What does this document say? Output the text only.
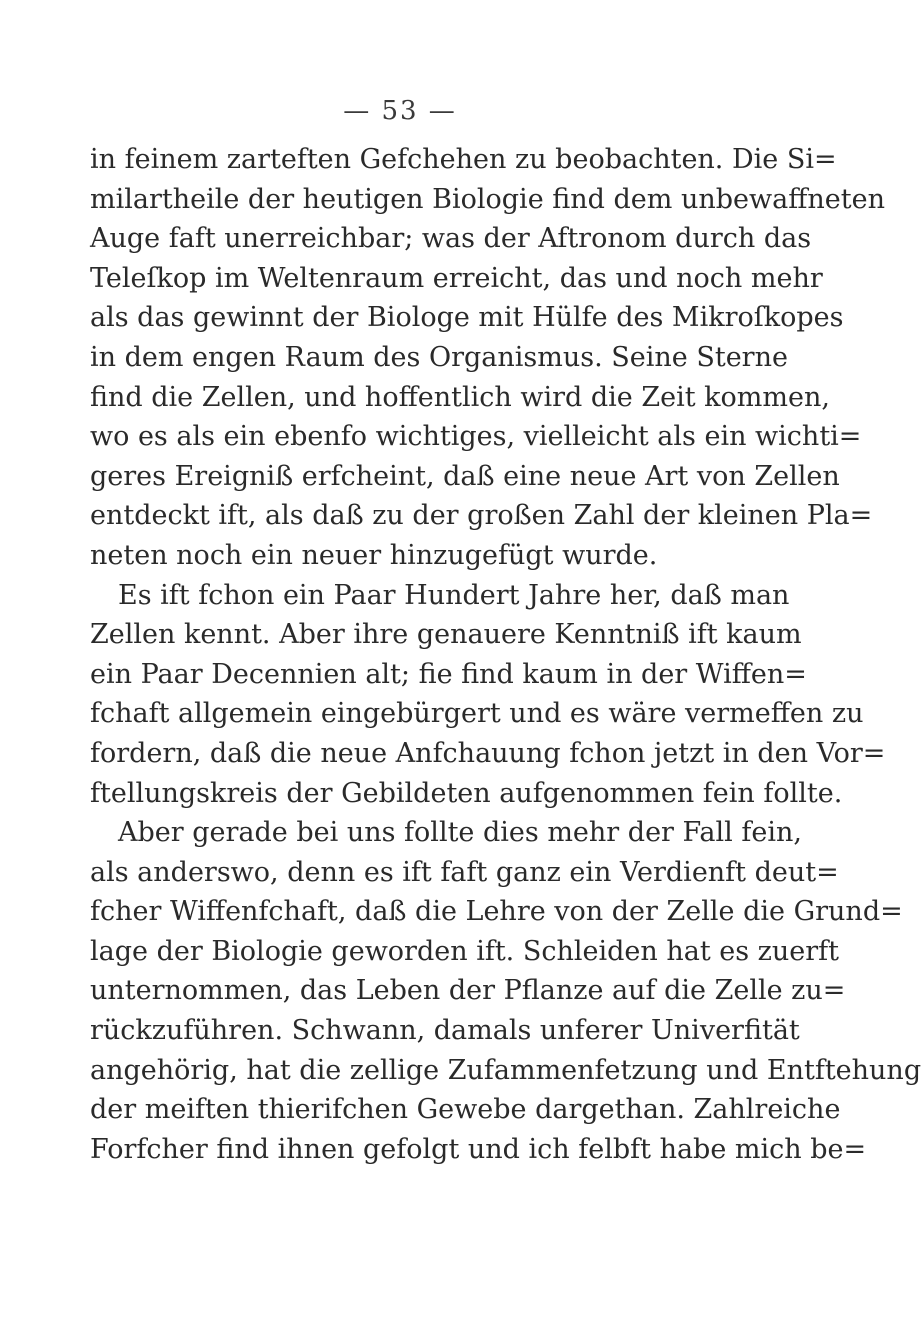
— 53 —
in feinem zarteften Gefchehen zu beobachten. Die Si=
milartheile der heutigen Biologie find dem unbewaffneten
Auge faft unerreichbar; was der Aftronom durch das
Teleſkop im Weltenraum erreicht, das und noch mehr
als das gewinnt der Biologe mit Hülfe des Mikroſkopes
in dem engen Raum des Organismus. Seine Sterne
find die Zellen, und hoffentlich wird die Zeit kommen,
wo es als ein ebenfo wichtiges, vielleicht als ein wichti=
geres Ereigniß erfcheint, daß eine neue Art von Zellen
entdeckt ift, als daß zu der großen Zahl der kleinen Pla=
neten noch ein neuer hinzugefügt wurde.
Es ift fchon ein Paar Hundert Jahre her, daß man
Zellen kennt. Aber ihre genauere Kenntniß ift kaum
ein Paar Decennien alt; fie find kaum in der Wiffen=
fchaft allgemein eingebürgert und es wäre vermeffen zu
fordern, daß die neue Anfchauung fchon jetzt in den Vor=
ftellungskreis der Gebildeten aufgenommen fein follte.
Aber gerade bei uns follte dies mehr der Fall fein,
als anderswo, denn es ift faft ganz ein Verdienft deut=
fcher Wiffenfchaft, daß die Lehre von der Zelle die Grund=
lage der Biologie geworden ift. Schleiden hat es zuerft
unternommen, das Leben der Pflanze auf die Zelle zu=
rückzuführen. Schwann, damals unferer Univerfität
angehörig, hat die zellige Zufammenfetzung und Entftehung
der meiften thierifchen Gewebe dargethan. Zahlreiche
Forfcher find ihnen gefolgt und ich felbft habe mich be=
